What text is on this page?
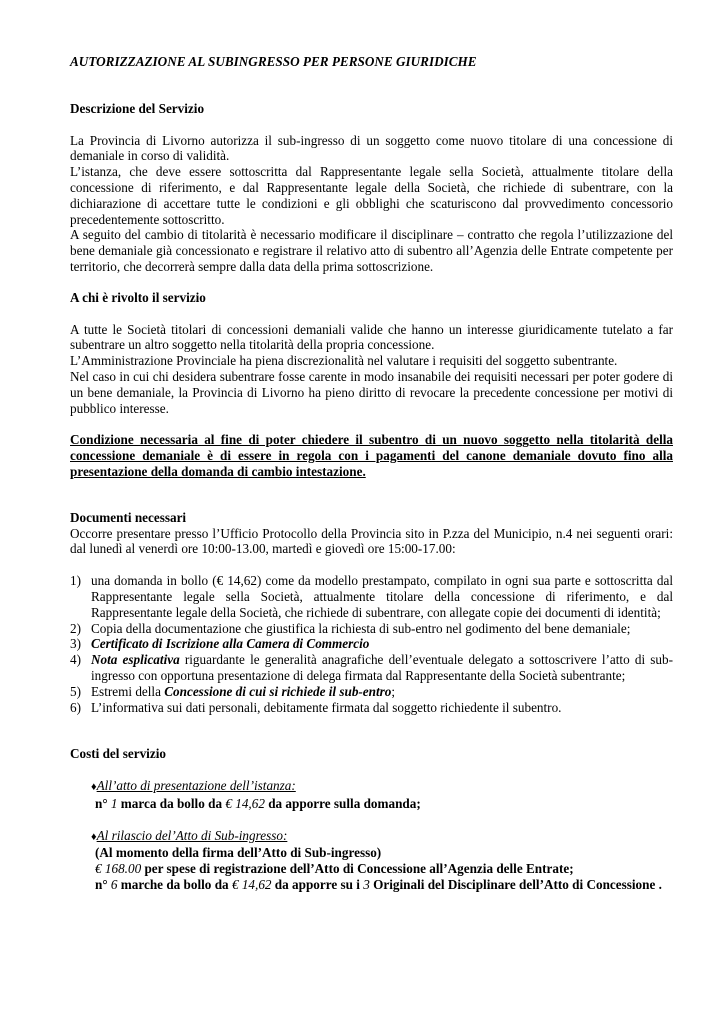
AUTORIZZAZIONE AL SUBINGRESSO PER PERSONE GIURIDICHE

Descrizione del Servizio

La Provincia di Livorno autorizza il sub-ingresso di un soggetto come nuovo titolare di una concessione di demaniale in corso di validità.

L’istanza, che deve essere sottoscritta dal Rappresentante legale sella Società, attualmente titolare della concessione di riferimento, e dal Rappresentante legale della Società, che richiede di subentrare, con la dichiarazione di accettare tutte le condizioni e gli obblighi che scaturiscono dal provvedimento concessorio precedentemente sottoscritto.

A seguito del cambio di titolarità è necessario modificare il disciplinare – contratto che regola l’utilizzazione del bene demaniale già concessionato e registrare il relativo atto di subentro all’Agenzia delle Entrate competente per territorio, che decorrerà sempre dalla data della prima sottoscrizione.

A chi è rivolto il servizio

A tutte le Società titolari di concessioni demaniali valide che hanno un interesse giuridicamente tutelato a far subentrare un altro soggetto nella titolarità della propria concessione.

L’Amministrazione Provinciale ha piena discrezionalità nel valutare i requisiti del soggetto subentrante.

Nel caso in cui chi desidera subentrare fosse carente in modo insanabile dei requisiti necessari per poter godere di un bene demaniale, la Provincia di Livorno ha pieno diritto di revocare la precedente concessione per motivi di pubblico interesse.

Condizione necessaria al fine di poter chiedere il subentro di un nuovo soggetto nella titolarità della concessione demaniale è di essere in regola con i pagamenti del canone demaniale dovuto fino alla presentazione della domanda di cambio intestazione.

Documenti necessari

Occorre presentare presso l’Ufficio Protocollo della Provincia sito in P.zza del Municipio, n.4 nei seguenti orari: dal lunedì al venerdì ore 10:00-13.00, martedì e giovedì ore 15:00-17.00:

1) una domanda in bollo (€ 14,62) come da modello prestampato, compilato in ogni sua parte e sottoscritta dal Rappresentante legale sella Società, attualmente titolare della concessione di riferimento, e dal Rappresentante legale della Società, che richiede di subentrare, con allegate copie dei documenti di identità;
2) Copia della documentazione che giustifica la richiesta di sub-entro nel godimento del bene demaniale;
3) Certificato di Iscrizione alla Camera di Commercio
4) Nota esplicativa riguardante le generalità anagrafiche dell’eventuale delegato a sottoscrivere l’atto di sub-ingresso con opportuna presentazione di delega firmata dal Rappresentante della Società subentrante;
5) Estremi della Concessione di cui si richiede il sub-entro;
6) L’informativa sui dati personali, debitamente firmata dal soggetto richiedente il subentro.

Costi del servizio

♦All’atto di presentazione dell’istanza:
n° 1 marca da bollo da € 14,62 da apporre sulla domanda;
♦Al rilascio del’Atto di Sub-ingresso:
(Al momento della firma dell’Atto di Sub-ingresso)
€ 168.00 per spese di registrazione dell’Atto di Concessione all’Agenzia delle Entrate;
n° 6 marche da bollo da € 14,62 da apporre su i 3 Originali del Disciplinare dell’Atto di Concessione .
